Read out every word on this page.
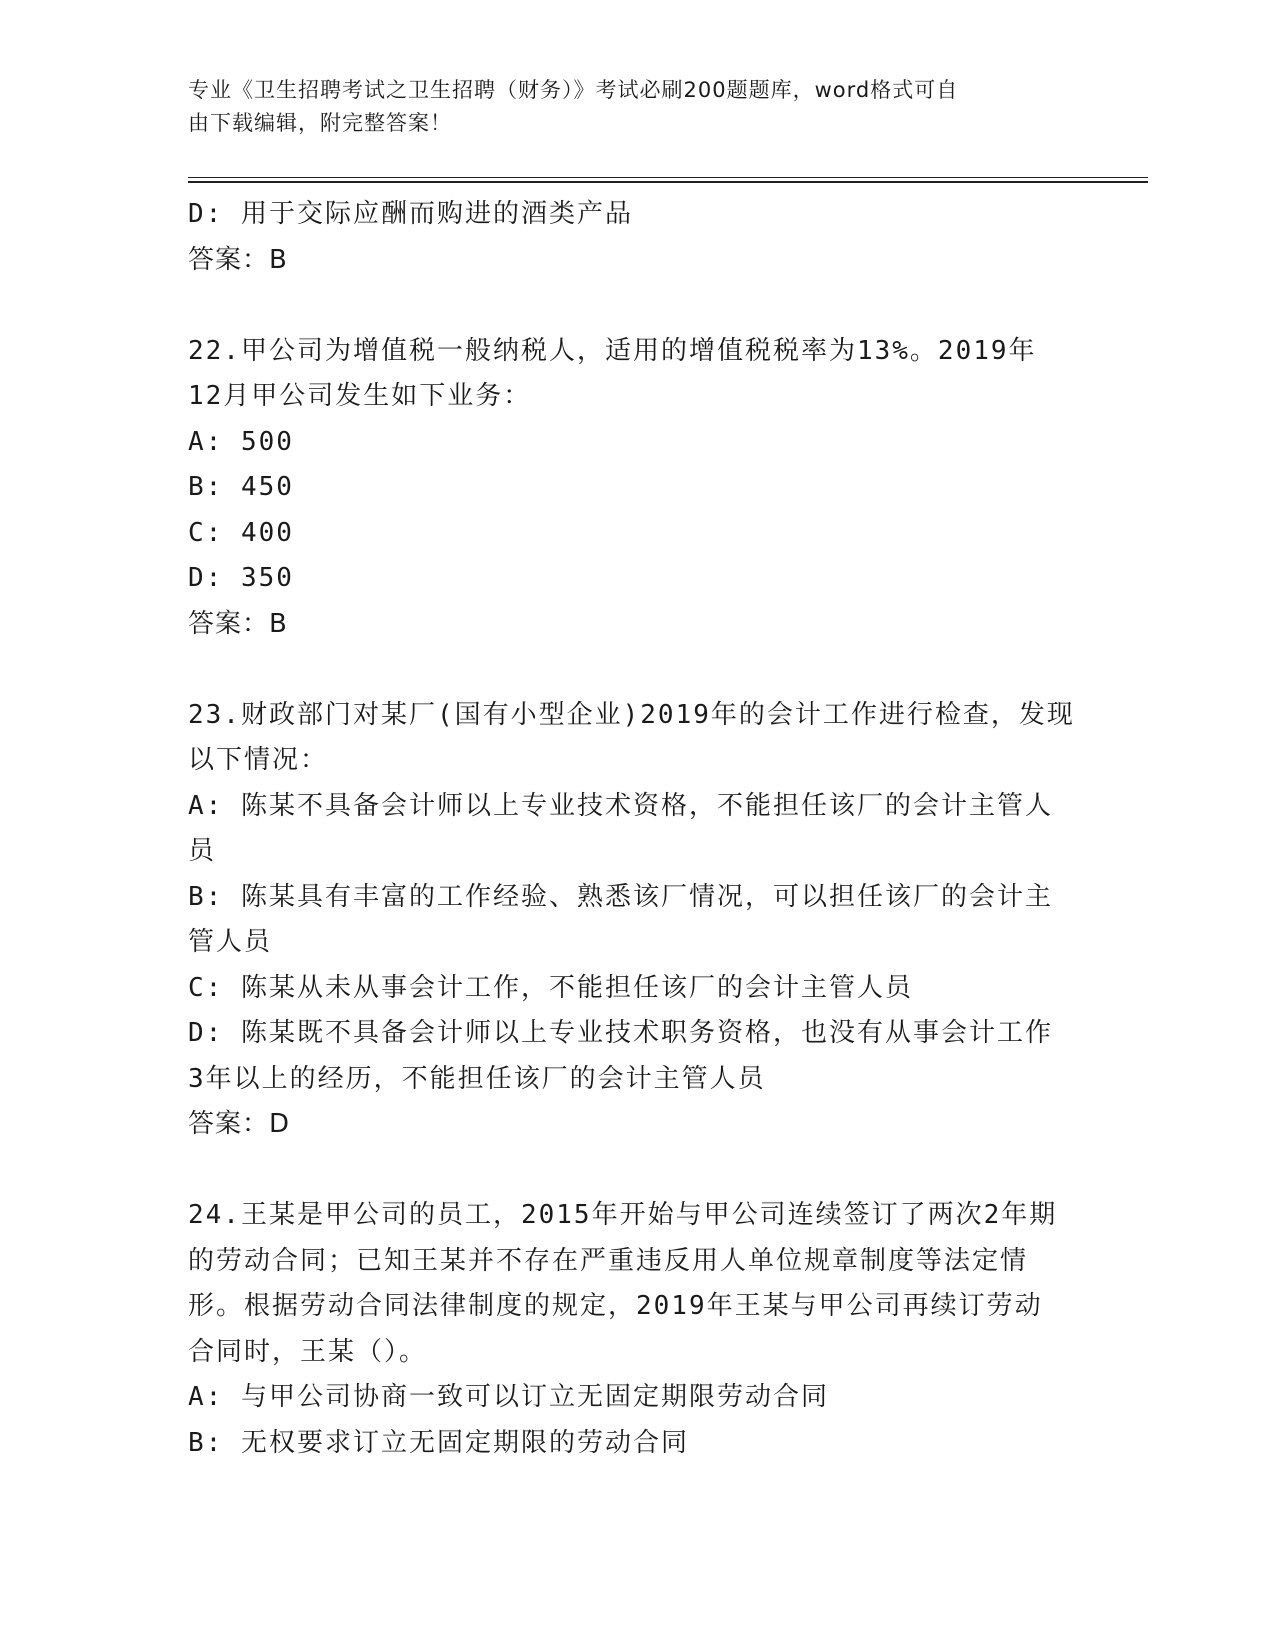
专业《卫生招聘考试之卫生招聘（财务）》考试必刷200题题库，word格式可自
由下载编辑，附完整答案！
D: 用于交际应酬而购进的酒类产品
答案：B
22.甲公司为增值税一般纳税人，适用的增值税税率为13%。2019年
12月甲公司发生如下业务：
A: 500
B: 450
C: 400
D: 350
答案：B
23.财政部门对某厂(国有小型企业)2019年的会计工作进行检查，发现
以下情况：
A: 陈某不具备会计师以上专业技术资格，不能担任该厂的会计主管人
员
B: 陈某具有丰富的工作经验、熟悉该厂情况，可以担任该厂的会计主
管人员
C: 陈某从未从事会计工作，不能担任该厂的会计主管人员
D: 陈某既不具备会计师以上专业技术职务资格，也没有从事会计工作
3年以上的经历，不能担任该厂的会计主管人员
答案：D
24.王某是甲公司的员工，2015年开始与甲公司连续签订了两次2年期
的劳动合同；已知王某并不存在严重违反用人单位规章制度等法定情
形。根据劳动合同法律制度的规定，2019年王某与甲公司再续订劳动
合同时，王某（）。
A: 与甲公司协商一致可以订立无固定期限劳动合同
B: 无权要求订立无固定期限的劳动合同
